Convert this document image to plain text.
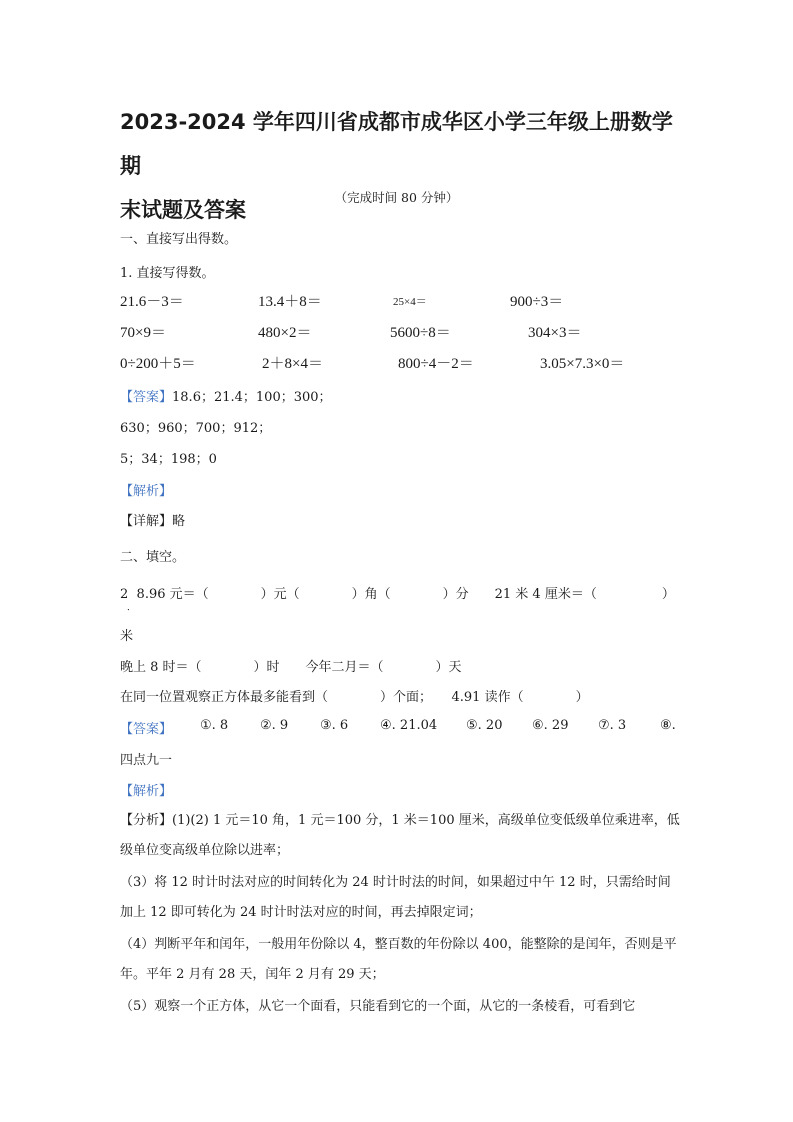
2023-2024 学年四川省成都市成华区小学三年级上册数学期
末试题及答案
（完成时间 80 分钟）
一、直接写出得数。
1. 直接写得数。
21.6－3＝	13.4＋8＝	25×4＝	900÷3＝
70×9＝	480×2＝	5600÷8＝	304×3＝
0÷200＋5＝	2＋8×4＝	800÷4－2＝	3.05×7.3×0＝
【答案】18.6；21.4；100；300；
630；960；700；912；
5；34；198；0
【解析】
【详解】略
二、填空。
2 8.96 元＝（　　　　）元（　　　　）角（　　　　）分　　21 米 4 厘米＝（　　　　　）
．
米
晚上 8 时＝（　　　　）时　　今年二月＝（　　　　）天
在同一位置观察正方体最多能看到（　　　　）个面；　　4.91 读作（　　　　）
【答案】 ①. 8 ②. 9 ③. 6 ④. 21.04 ⑤. 20 ⑥. 29 ⑦. 3	⑧.
四点九一
【解析】
【分析】(1)(2) 1 元＝10 角，1 元＝100 分，1 米＝100 厘米，高级单位变低级单位乘进率，低级单位变高级单位除以进率；
（3）将 12 时计时法对应的时间转化为 24 时计时法的时间，如果超过中午 12 时，只需给时间加上 12 即可转化为 24 时计时法对应的时间，再去掉限定词；
（4）判断平年和闰年，一般用年份除以 4，整百数的年份除以 400，能整除的是闰年，否则是平年。平年 2 月有 28 天，闰年 2 月有 29 天；
（5）观察一个正方体，从它一个面看，只能看到它的一个面，从它的一条棱看，可看到它
